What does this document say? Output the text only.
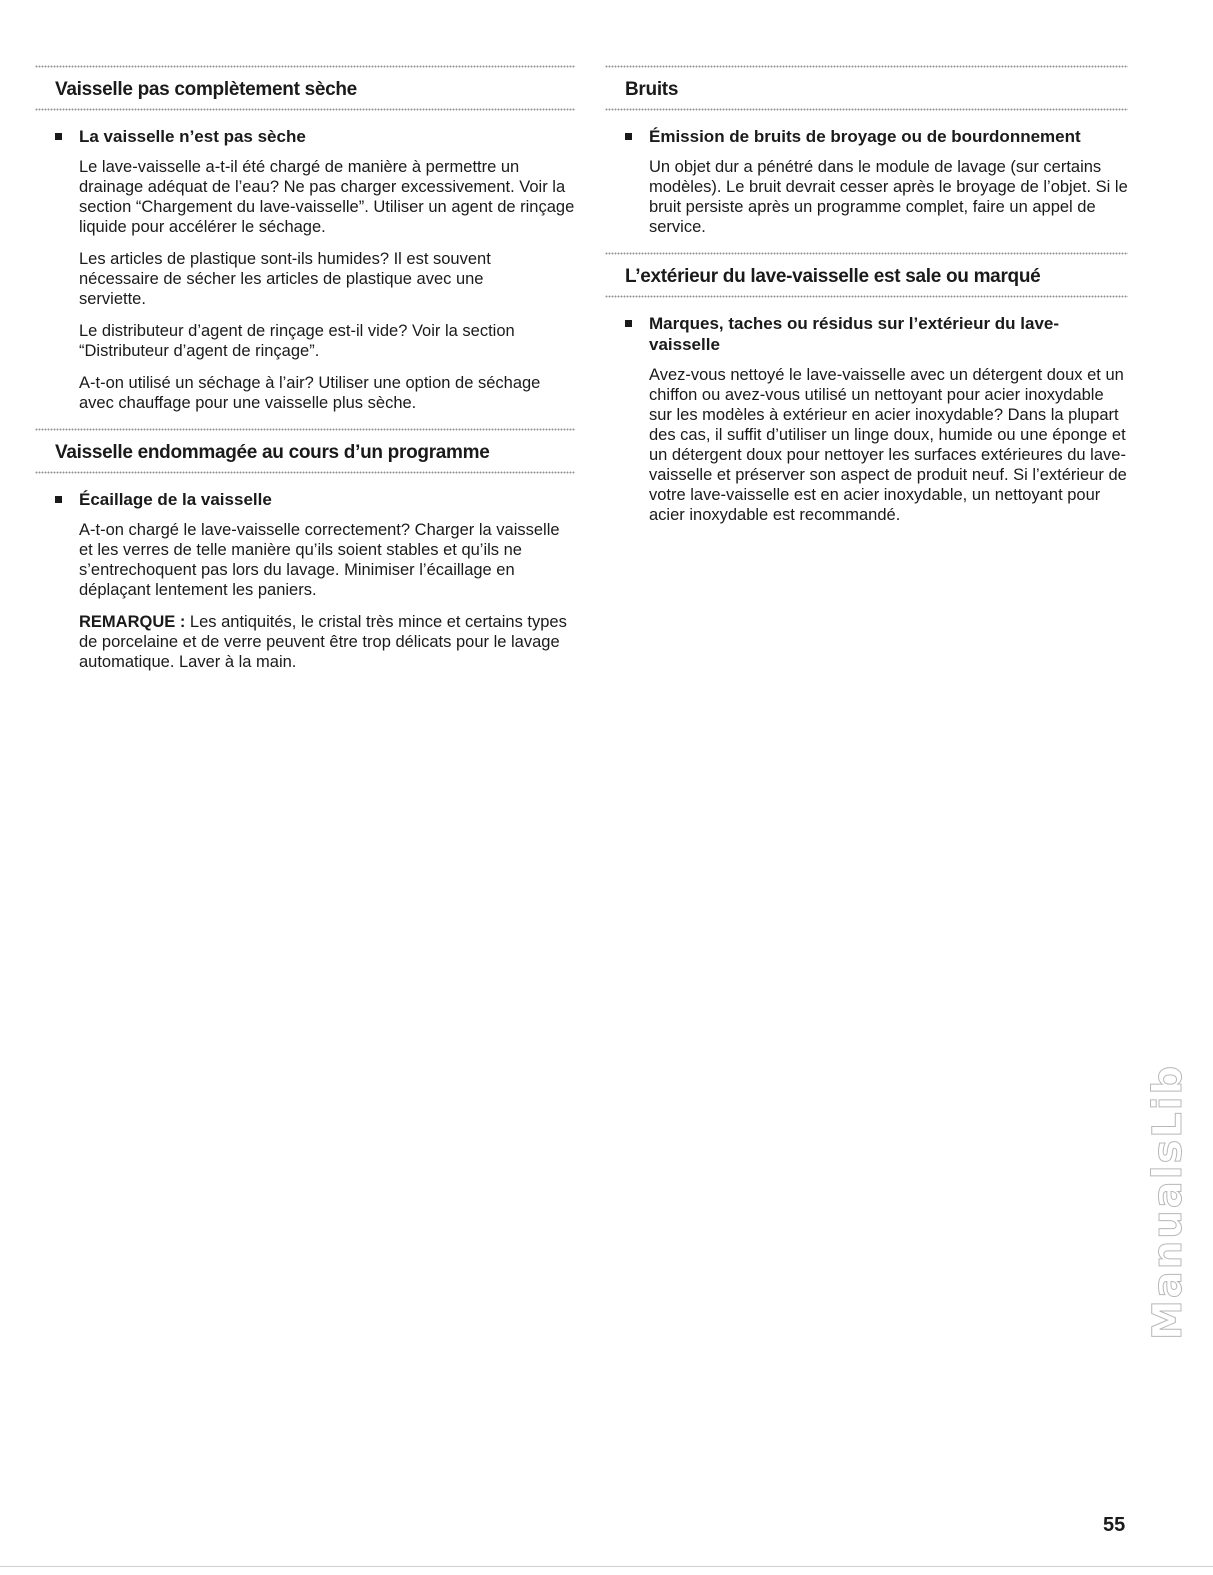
Vaisselle pas complètement sèche
La vaisselle n’est pas sèche

Le lave-vaisselle a-t-il été chargé de manière à permettre un drainage adéquat de l’eau? Ne pas charger excessivement. Voir la section “Chargement du lave-vaisselle”. Utiliser un agent de rinçage liquide pour accélérer le séchage.

Les articles de plastique sont-ils humides? Il est souvent nécessaire de sécher les articles de plastique avec une serviette.

Le distributeur d’agent de rinçage est-il vide? Voir la section “Distributeur d’agent de rinçage”.

A-t-on utilisé un séchage à l’air? Utiliser une option de séchage avec chauffage pour une vaisselle plus sèche.

Vaisselle endommagée au cours d’un programme
Écaillage de la vaisselle

A-t-on chargé le lave-vaisselle correctement? Charger la vaisselle et les verres de telle manière qu’ils soient stables et qu’ils ne s’entrechoquent pas lors du lavage. Minimiser l’écaillage en déplaçant lentement les paniers.

REMARQUE : Les antiquités, le cristal très mince et certains types de porcelaine et de verre peuvent être trop délicats pour le lavage automatique. Laver à la main.

Bruits
Émission de bruits de broyage ou de bourdonnement

Un objet dur a pénétré dans le module de lavage (sur certains modèles). Le bruit devrait cesser après le broyage de l’objet. Si le bruit persiste après un programme complet, faire un appel de service.

L’extérieur du lave-vaisselle est sale ou marqué
Marques, taches ou résidus sur l’extérieur du lave-vaisselle

Avez-vous nettoyé le lave-vaisselle avec un détergent doux et un chiffon ou avez-vous utilisé un nettoyant pour acier inoxydable sur les modèles à extérieur en acier inoxydable? Dans la plupart des cas, il suffit d’utiliser un linge doux, humide ou une éponge et un détergent doux pour nettoyer les surfaces extérieures du lave-vaisselle et préserver son aspect de produit neuf. Si l’extérieur de votre lave-vaisselle est en acier inoxydable, un nettoyant pour acier inoxydable est recommandé.

ManualsLib
55
